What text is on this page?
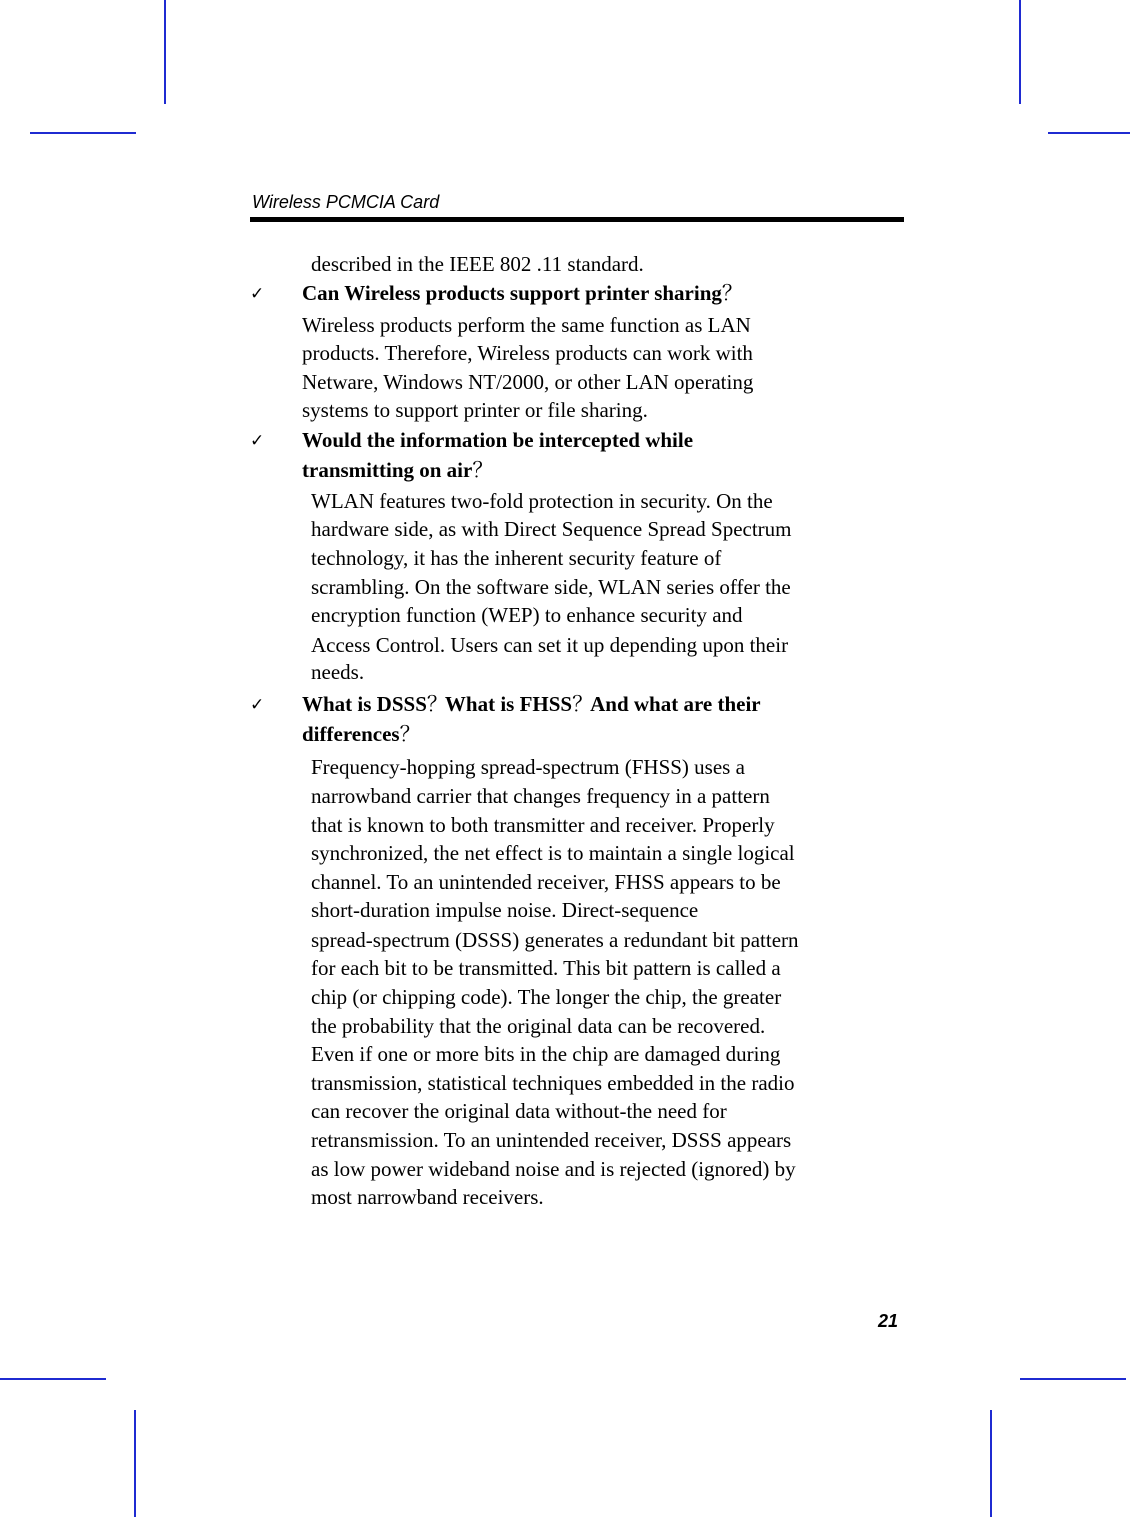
Wireless PCMCIA Card
described in the IEEE 802 .11 standard.
✓ Can Wireless products support printer sharing？
Wireless products perform the same function as LAN
products. Therefore, Wireless products can work with
Netware, Windows NT/2000, or other LAN operating
systems to support printer or file sharing.
✓ Would the information be intercepted while
transmitting on air？
WLAN features two-fold protection in security. On the
hardware side, as with Direct Sequence Spread Spectrum
technology, it has the inherent security feature of
scrambling. On the software side, WLAN series offer the
encryption function (WEP) to enhance security and
Access Control. Users can set it up depending upon their
needs.
✓ What is DSSS？What is FHSS？And what are their
differences？
Frequency-hopping spread-spectrum (FHSS) uses a
narrowband carrier that changes frequency in a pattern
that is known to both transmitter and receiver. Properly
synchronized, the net effect is to maintain a single logical
channel. To an unintended receiver, FHSS appears to be
short-duration impulse noise. Direct-sequence
spread-spectrum (DSSS) generates a redundant bit pattern
for each bit to be transmitted. This bit pattern is called a
chip (or chipping code). The longer the chip, the greater
the probability that the original data can be recovered.
Even if one or more bits in the chip are damaged during
transmission, statistical techniques embedded in the radio
can recover the original data without-the need for
retransmission. To an unintended receiver, DSSS appears
as low power wideband noise and is rejected (ignored) by
most narrowband receivers.
21
